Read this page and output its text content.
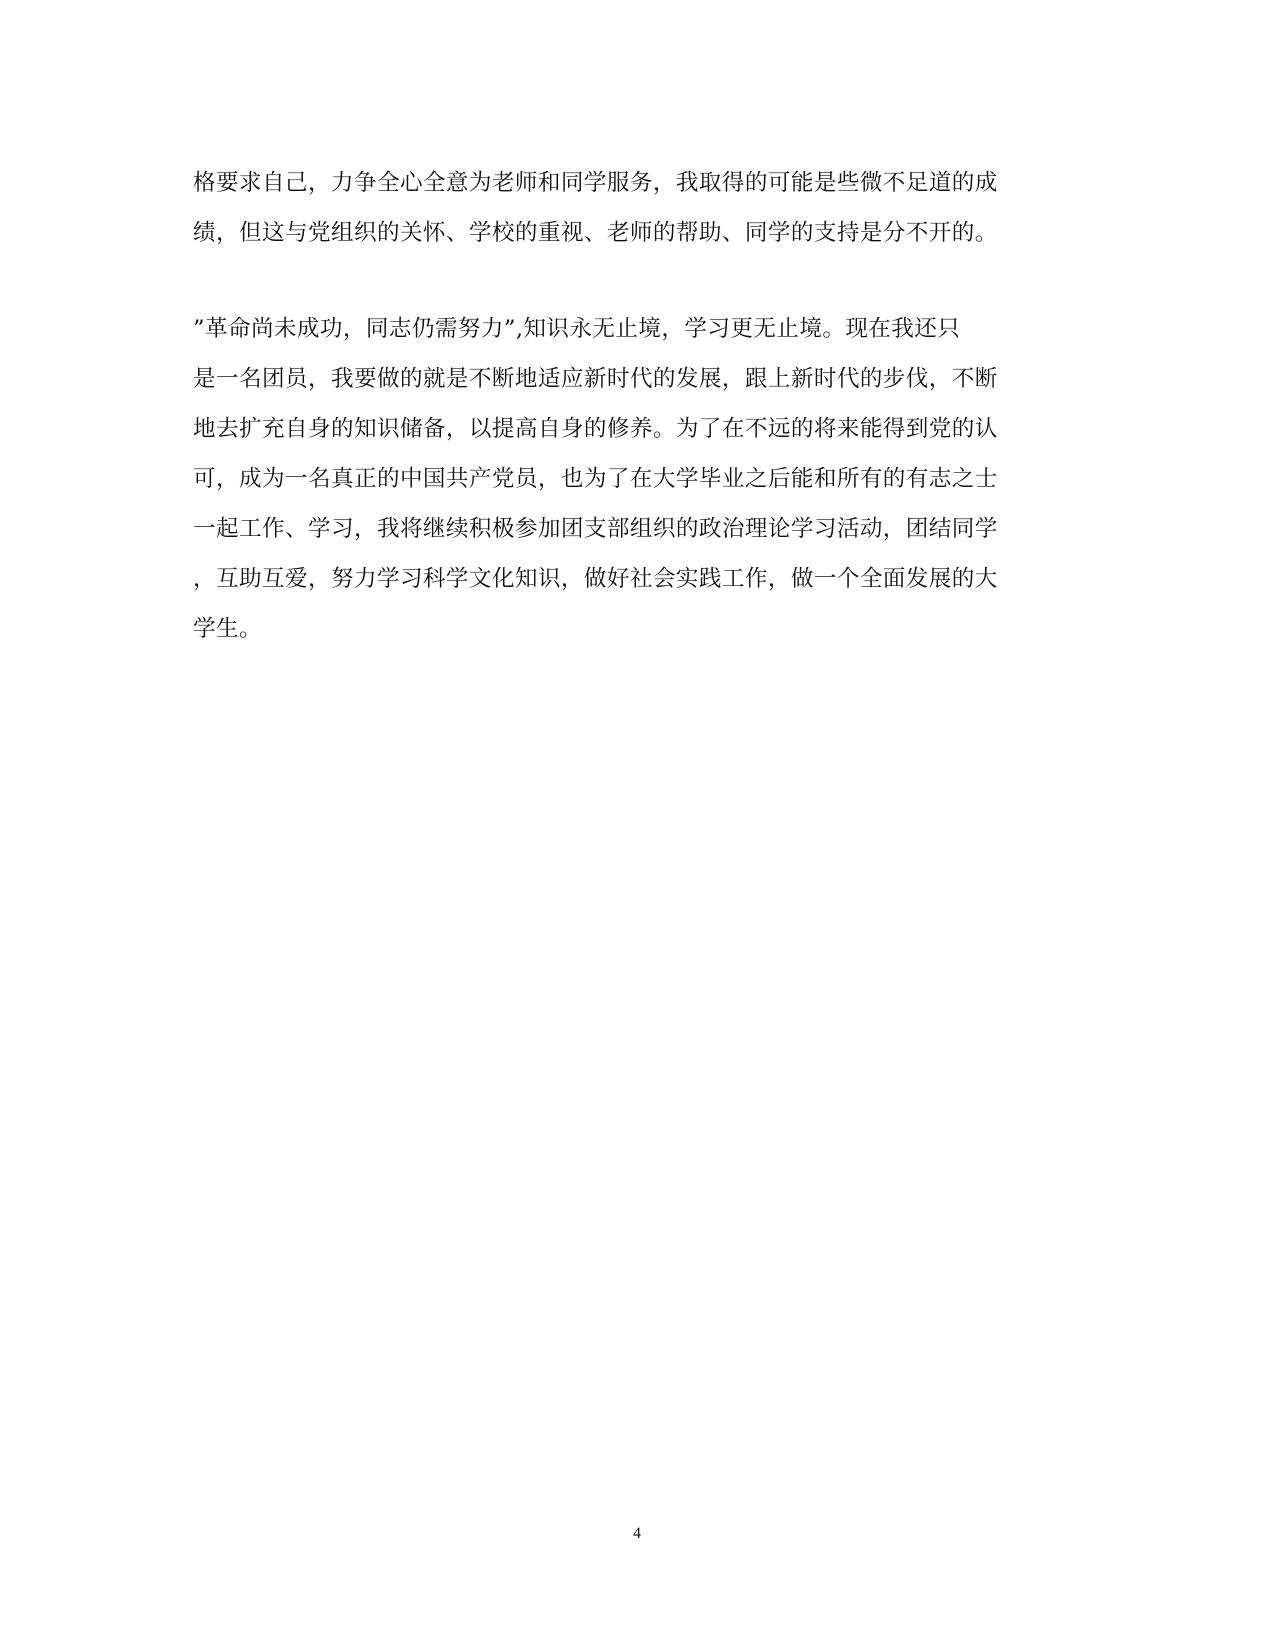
格要求自己，力争全心全意为老师和同学服务，我取得的可能是些微不足道的成
绩，但这与党组织的关怀、学校的重视、老师的帮助、同学的支持是分不开的。

”革命尚未成功，同志仍需努力”,知识永无止境，学习更无止境。现在我还只
是一名团员，我要做的就是不断地适应新时代的发展，跟上新时代的步伐，不断
地去扩充自身的知识储备，以提高自身的修养。为了在不远的将来能得到党的认
可，成为一名真正的中国共产党员，也为了在大学毕业之后能和所有的有志之士
一起工作、学习，我将继续积极参加团支部组织的政治理论学习活动，团结同学
，互助互爱，努力学习科学文化知识，做好社会实践工作，做一个全面发展的大
学生。

4
